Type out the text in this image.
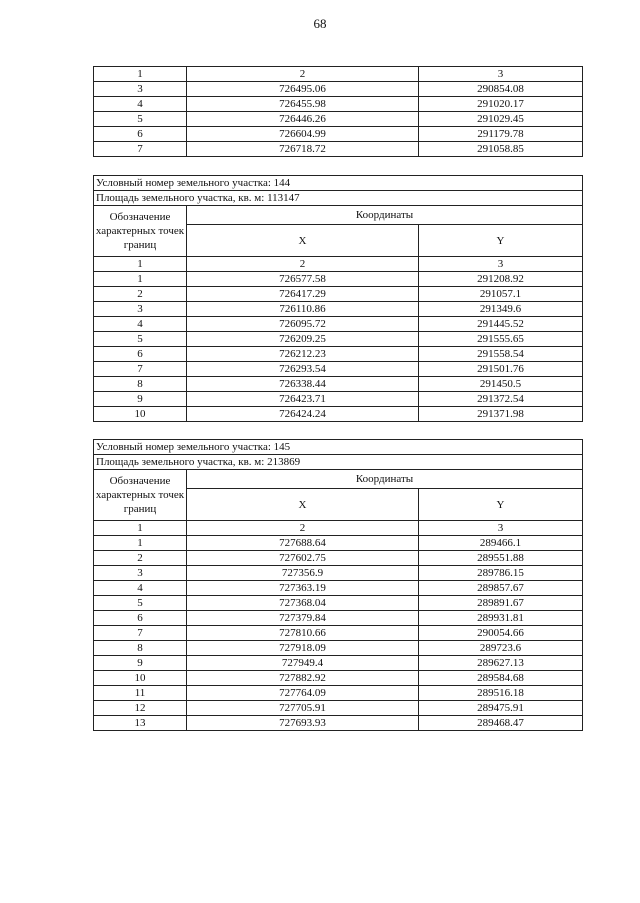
68
1	2	3
3	726495.06	290854.08
4	726455.98	291020.17
5	726446.26	291029.45
6	726604.99	291179.78
7	726718.72	291058.85
Условный номер земельного участка: 144		
Площадь земельного участка, кв. м: 113147		
Обозначение характерных точек границ	Координаты	
	X	Y
1	2	3
1	726577.58	291208.92
2	726417.29	291057.1
3	726110.86	291349.6
4	726095.72	291445.52
5	726209.25	291555.65
6	726212.23	291558.54
7	726293.54	291501.76
8	726338.44	291450.5
9	726423.71	291372.54
10	726424.24	291371.98
Условный номер земельного участка: 145		
Площадь земельного участка, кв. м: 213869		
Обозначение характерных точек границ	Координаты	
	X	Y
1	2	3
1	727688.64	289466.1
2	727602.75	289551.88
3	727356.9	289786.15
4	727363.19	289857.67
5	727368.04	289891.67
6	727379.84	289931.81
7	727810.66	290054.66
8	727918.09	289723.6
9	727949.4	289627.13
10	727882.92	289584.68
11	727764.09	289516.18
12	727705.91	289475.91
13	727693.93	289468.47
